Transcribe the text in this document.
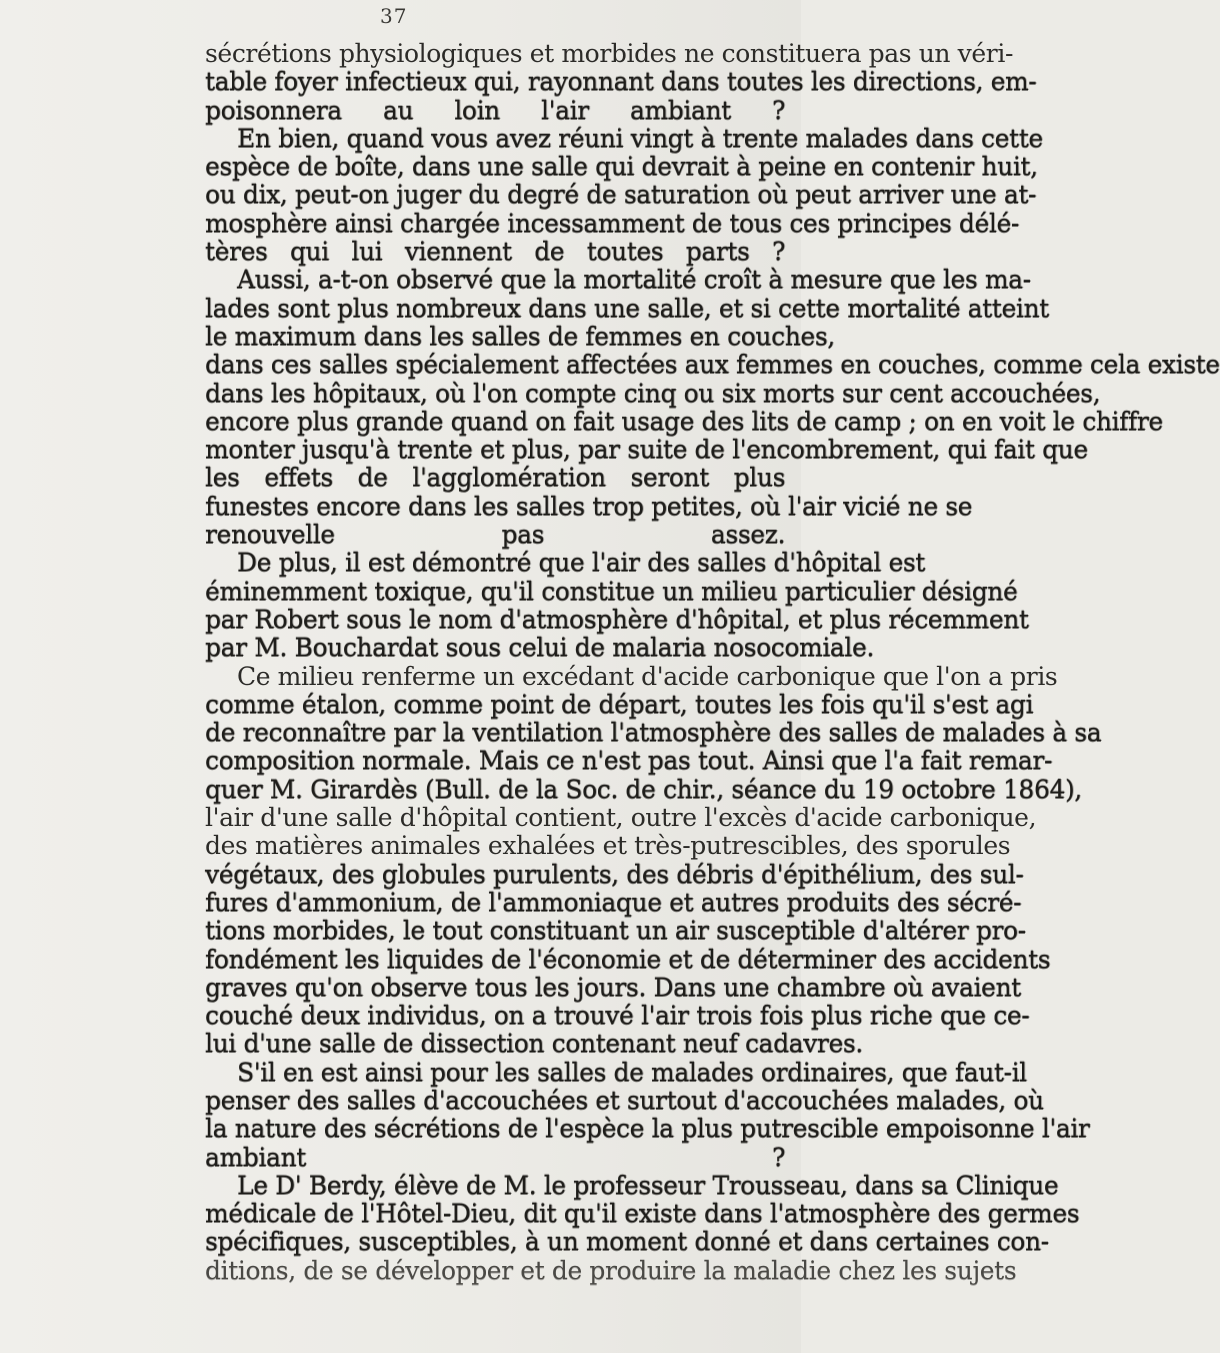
37
sécrétions physiologiques et morbides ne constituera pas un véri-
table foyer infectieux qui, rayonnant dans toutes les directions, em-
poisonnera au loin l'air ambiant ?
En bien, quand vous avez réuni vingt à trente malades dans cette
espèce de boîte, dans une salle qui devrait à peine en contenir huit,
ou dix, peut-on juger du degré de saturation où peut arriver une at-
mosphère ainsi chargée incessamment de tous ces principes délé-
tères qui lui viennent de toutes parts ?
Aussi, a-t-on observé que la mortalité croît à mesure que les ma-
lades sont plus nombreux dans une salle, et si cette mortalité atteint
le maximum dans les salles de femmes en couches,
dans ces salles spécialement affectées aux femmes en couches, comme cela existe
dans les hôpitaux, où l'on compte cinq ou six morts sur cent accouchées,
encore plus grande quand on fait usage des lits de camp ; on en voit le chiffre
monter jusqu'à trente et plus, par suite de l'encombrement, qui fait que
les effets de l'agglomération seront plus
funestes encore dans les salles trop petites, où l'air vicié ne se
renouvelle pas assez.
De plus, il est démontré que l'air des salles d'hôpital est
éminemment toxique, qu'il constitue un milieu particulier désigné
par Robert sous le nom d'atmosphère d'hôpital, et plus récemment
par M. Bouchardat sous celui de malaria nosocomiale.
Ce milieu renferme un excédant d'acide carbonique que l'on a pris
comme étalon, comme point de départ, toutes les fois qu'il s'est agi
de reconnaître par la ventilation l'atmosphère des salles de malades à sa
composition normale. Mais ce n'est pas tout. Ainsi que l'a fait remar-
quer M. Girardès (Bull. de la Soc. de chir., séance du 19 octobre 1864),
l'air d'une salle d'hôpital contient, outre l'excès d'acide carbonique,
des matières animales exhalées et très-putrescibles, des sporules
végétaux, des globules purulents, des débris d'épithélium, des sul-
fures d'ammonium, de l'ammoniaque et autres produits des sécré-
tions morbides, le tout constituant un air susceptible d'altérer pro-
fondément les liquides de l'économie et de déterminer des accidents
graves qu'on observe tous les jours. Dans une chambre où avaient
couché deux individus, on a trouvé l'air trois fois plus riche que ce-
lui d'une salle de dissection contenant neuf cadavres.
S'il en est ainsi pour les salles de malades ordinaires, que faut-il
penser des salles d'accouchées et surtout d'accouchées malades, où
la nature des sécrétions de l'espèce la plus putrescible empoisonne l'air
ambiant ?
Le D' Berdy, élève de M. le professeur Trousseau, dans sa Clinique
médicale de l'Hôtel-Dieu, dit qu'il existe dans l'atmosphère des germes
spécifiques, susceptibles, à un moment donné et dans certaines con-
ditions, de se développer et de produire la maladie chez les sujets
